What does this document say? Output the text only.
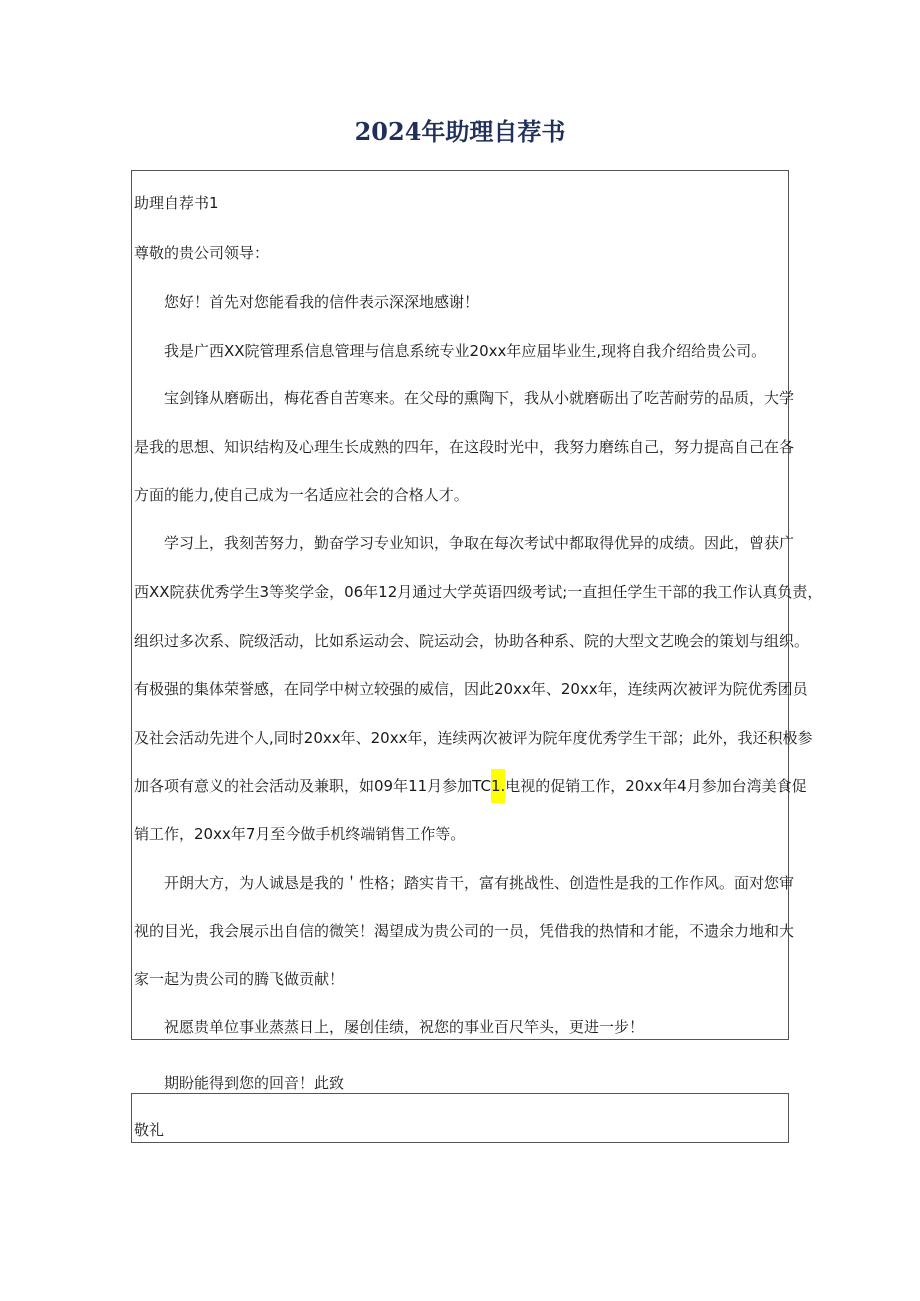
2024年助理自荐书
助理自荐书1
尊敬的贵公司领导：
您好！首先对您能看我的信件表示深深地感谢！
我是广西XX院管理系信息管理与信息系统专业20xx年应届毕业生,现将自我介绍给贵公司。
宝剑锋从磨砺出，梅花香自苦寒来。在父母的熏陶下，我从小就磨砺出了吃苦耐劳的品质，大学
是我的思想、知识结构及心理生长成熟的四年，在这段时光中，我努力磨练自己，努力提高自己在各
方面的能力,使自己成为一名适应社会的合格人才。
学习上，我刻苦努力，勤奋学习专业知识，争取在每次考试中都取得优异的成绩。因此，曾获广
西XX院获优秀学生3等奖学金，06年12月通过大学英语四级考试;一直担任学生干部的我工作认真负责，
组织过多次系、院级活动，比如系运动会、院运动会，协助各种系、院的大型文艺晚会的策划与组织。
有极强的集体荣誉感，在同学中树立较强的威信，因此20xx年、20xx年，连续两次被评为院优秀团员
及社会活动先进个人,同时20xx年、20xx年，连续两次被评为院年度优秀学生干部；此外，我还积极参
加各项有意义的社会活动及兼职，如09年11月参加TC1.电视的促销工作，20xx年4月参加台湾美食促
销工作，20xx年7月至今做手机终端销售工作等。
开朗大方，为人诚恳是我的＇性格；踏实肯干，富有挑战性、创造性是我的工作作风。面对您审
视的目光，我会展示出自信的微笑！渴望成为贵公司的一员，凭借我的热情和才能，不遗余力地和大
家一起为贵公司的腾飞做贡献！
祝愿贵单位事业蒸蒸日上，屡创佳绩，祝您的事业百尺竿头，更进一步！
期盼能得到您的回音！此致
敬礼
